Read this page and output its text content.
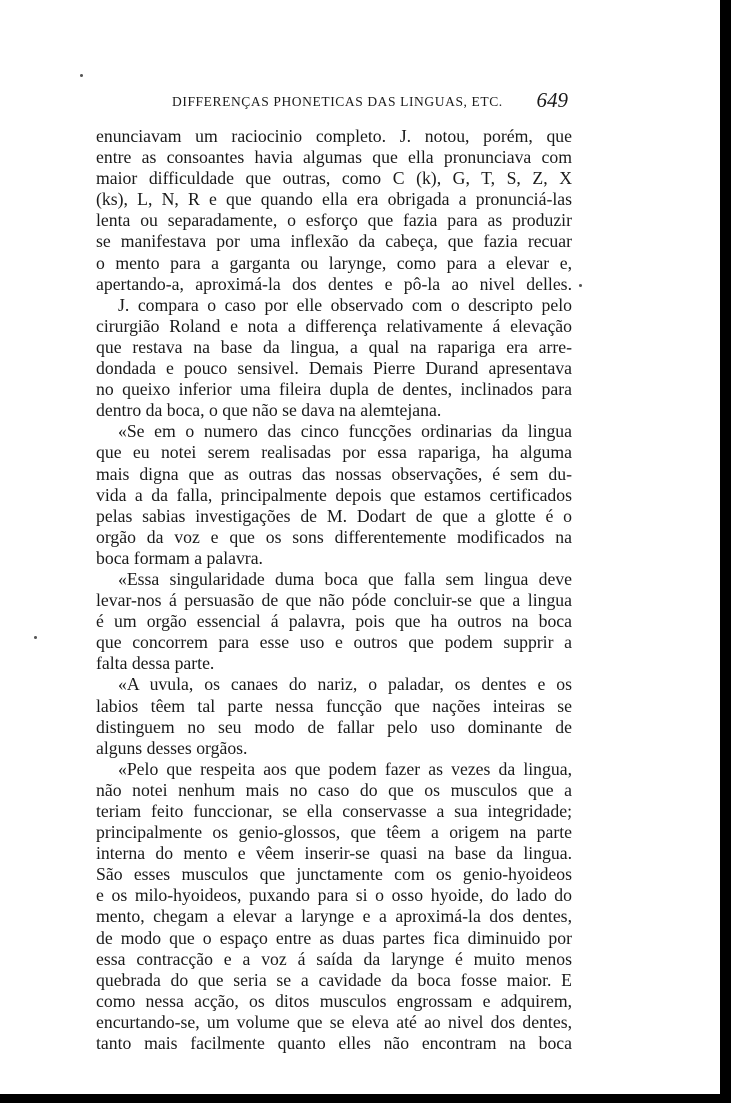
DIFFERENÇAS PHONETICAS DAS LINGUAS, ETC. 649
enunciavam um raciocinio completo. J. notou, porém, que
entre as consoantes havia algumas que ella pronunciava com
maior difficuldade que outras, como C (k), G, T, S, Z, X
(ks), L, N, R e que quando ella era obrigada a pronunciá-las
lenta ou separadamente, o esforço que fazia para as produzir
se manifestava por uma inflexão da cabeça, que fazia recuar
o mento para a garganta ou larynge, como para a elevar e,
apertando-a, aproximá-la dos dentes e pô-la ao nivel delles.
J. compara o caso por elle observado com o descripto pelo
cirurgião Roland e nota a differença relativamente á elevação
que restava na base da lingua, a qual na rapariga era arre-
dondada e pouco sensivel. Demais Pierre Durand apresentava
no queixo inferior uma fileira dupla de dentes, inclinados para
dentro da boca, o que não se dava na alemtejana.
«Se em o numero das cinco funcções ordinarias da lingua
que eu notei serem realisadas por essa rapariga, ha alguma
mais digna que as outras das nossas observações, é sem du-
vida a da falla, principalmente depois que estamos certificados
pelas sabias investigações de M. Dodart de que a glotte é o
orgão da voz e que os sons differentemente modificados na
boca formam a palavra.
«Essa singularidade duma boca que falla sem lingua deve
levar-nos á persuasão de que não póde concluir-se que a lingua
é um orgão essencial á palavra, pois que ha outros na boca
que concorrem para esse uso e outros que podem supprir a
falta dessa parte.
«A uvula, os canaes do nariz, o paladar, os dentes e os
labios têem tal parte nessa funcção que nações inteiras se
distinguem no seu modo de fallar pelo uso dominante de
alguns desses orgãos.
«Pelo que respeita aos que podem fazer as vezes da lingua,
não notei nenhum mais no caso do que os musculos que a
teriam feito funccionar, se ella conservasse a sua integridade;
principalmente os genio-glossos, que têem a origem na parte
interna do mento e vêem inserir-se quasi na base da lingua.
São esses musculos que junctamente com os genio-hyoideos
e os milo-hyoideos, puxando para si o osso hyoide, do lado do
mento, chegam a elevar a larynge e a aproximá-la dos dentes,
de modo que o espaço entre as duas partes fica diminuido por
essa contracção e a voz á saída da larynge é muito menos
quebrada do que seria se a cavidade da boca fosse maior. E
como nessa acção, os ditos musculos engrossam e adquirem,
encurtando-se, um volume que se eleva até ao nivel dos dentes,
tanto mais facilmente quanto elles não encontram na boca
